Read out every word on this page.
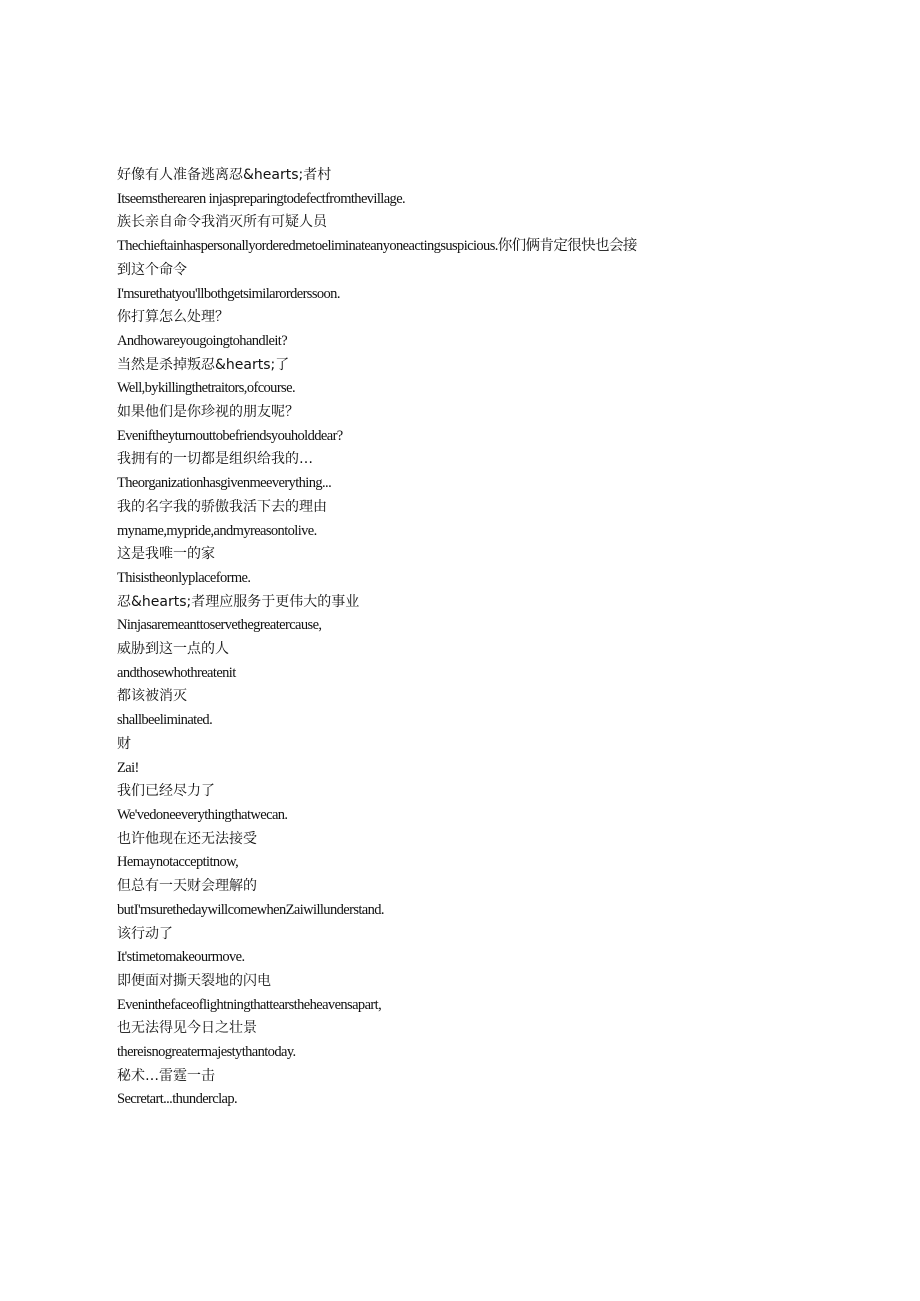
好像有人准备逃离忍&hearts;者村

Itseemstherearen injaspreparingtodefectfromthevillage.

族长亲自命令我消灭所有可疑人员

Thechieftainhaspersonallyorderedmetoeliminateanyoneactingsuspicious.你们俩肯定很快也会接

到这个命令

I'msurethatyou'llbothgetsimilarorderssoon.

你打算怎么处理？

Andhowareyougoingtohandleit?

当然是杀掉叛忍&hearts;了

Well,bykillingthetraitors,ofcourse.

如果他们是你珍视的朋友呢？

Eveniftheyturnouttobefriendsyouholddear?

我拥有的一切都是组织给我的…

Theorganizationhasgivenmeeverything...

我的名字我的骄傲我活下去的理由

myname,mypride,andmyreasontolive.

这是我唯一的家

Thisistheonlyplaceforme.

忍&hearts;者理应服务于更伟大的事业

Ninjasaremeanttoservethegreatercause,

威胁到这一点的人

andthosewhothreatenit

都该被消灭

shallbeeliminated.

财

Zai!

我们已经尽力了

We'vedoneeverythingthatwecan.

也许他现在还无法接受

Hemaynotacceptitnow,

但总有一天财会理解的

butI'msurethedaywillcomewhenZaiwillunderstand.

该行动了

It'stimetomakeourmove.

即便面对撕天裂地的闪电

Eveninthefaceoflightningthattearstheheavensapart,

也无法得见今日之壮景

thereisnogreatermajestythantoday.

秘术…雷霆一击

Secretart...thunderclap.
